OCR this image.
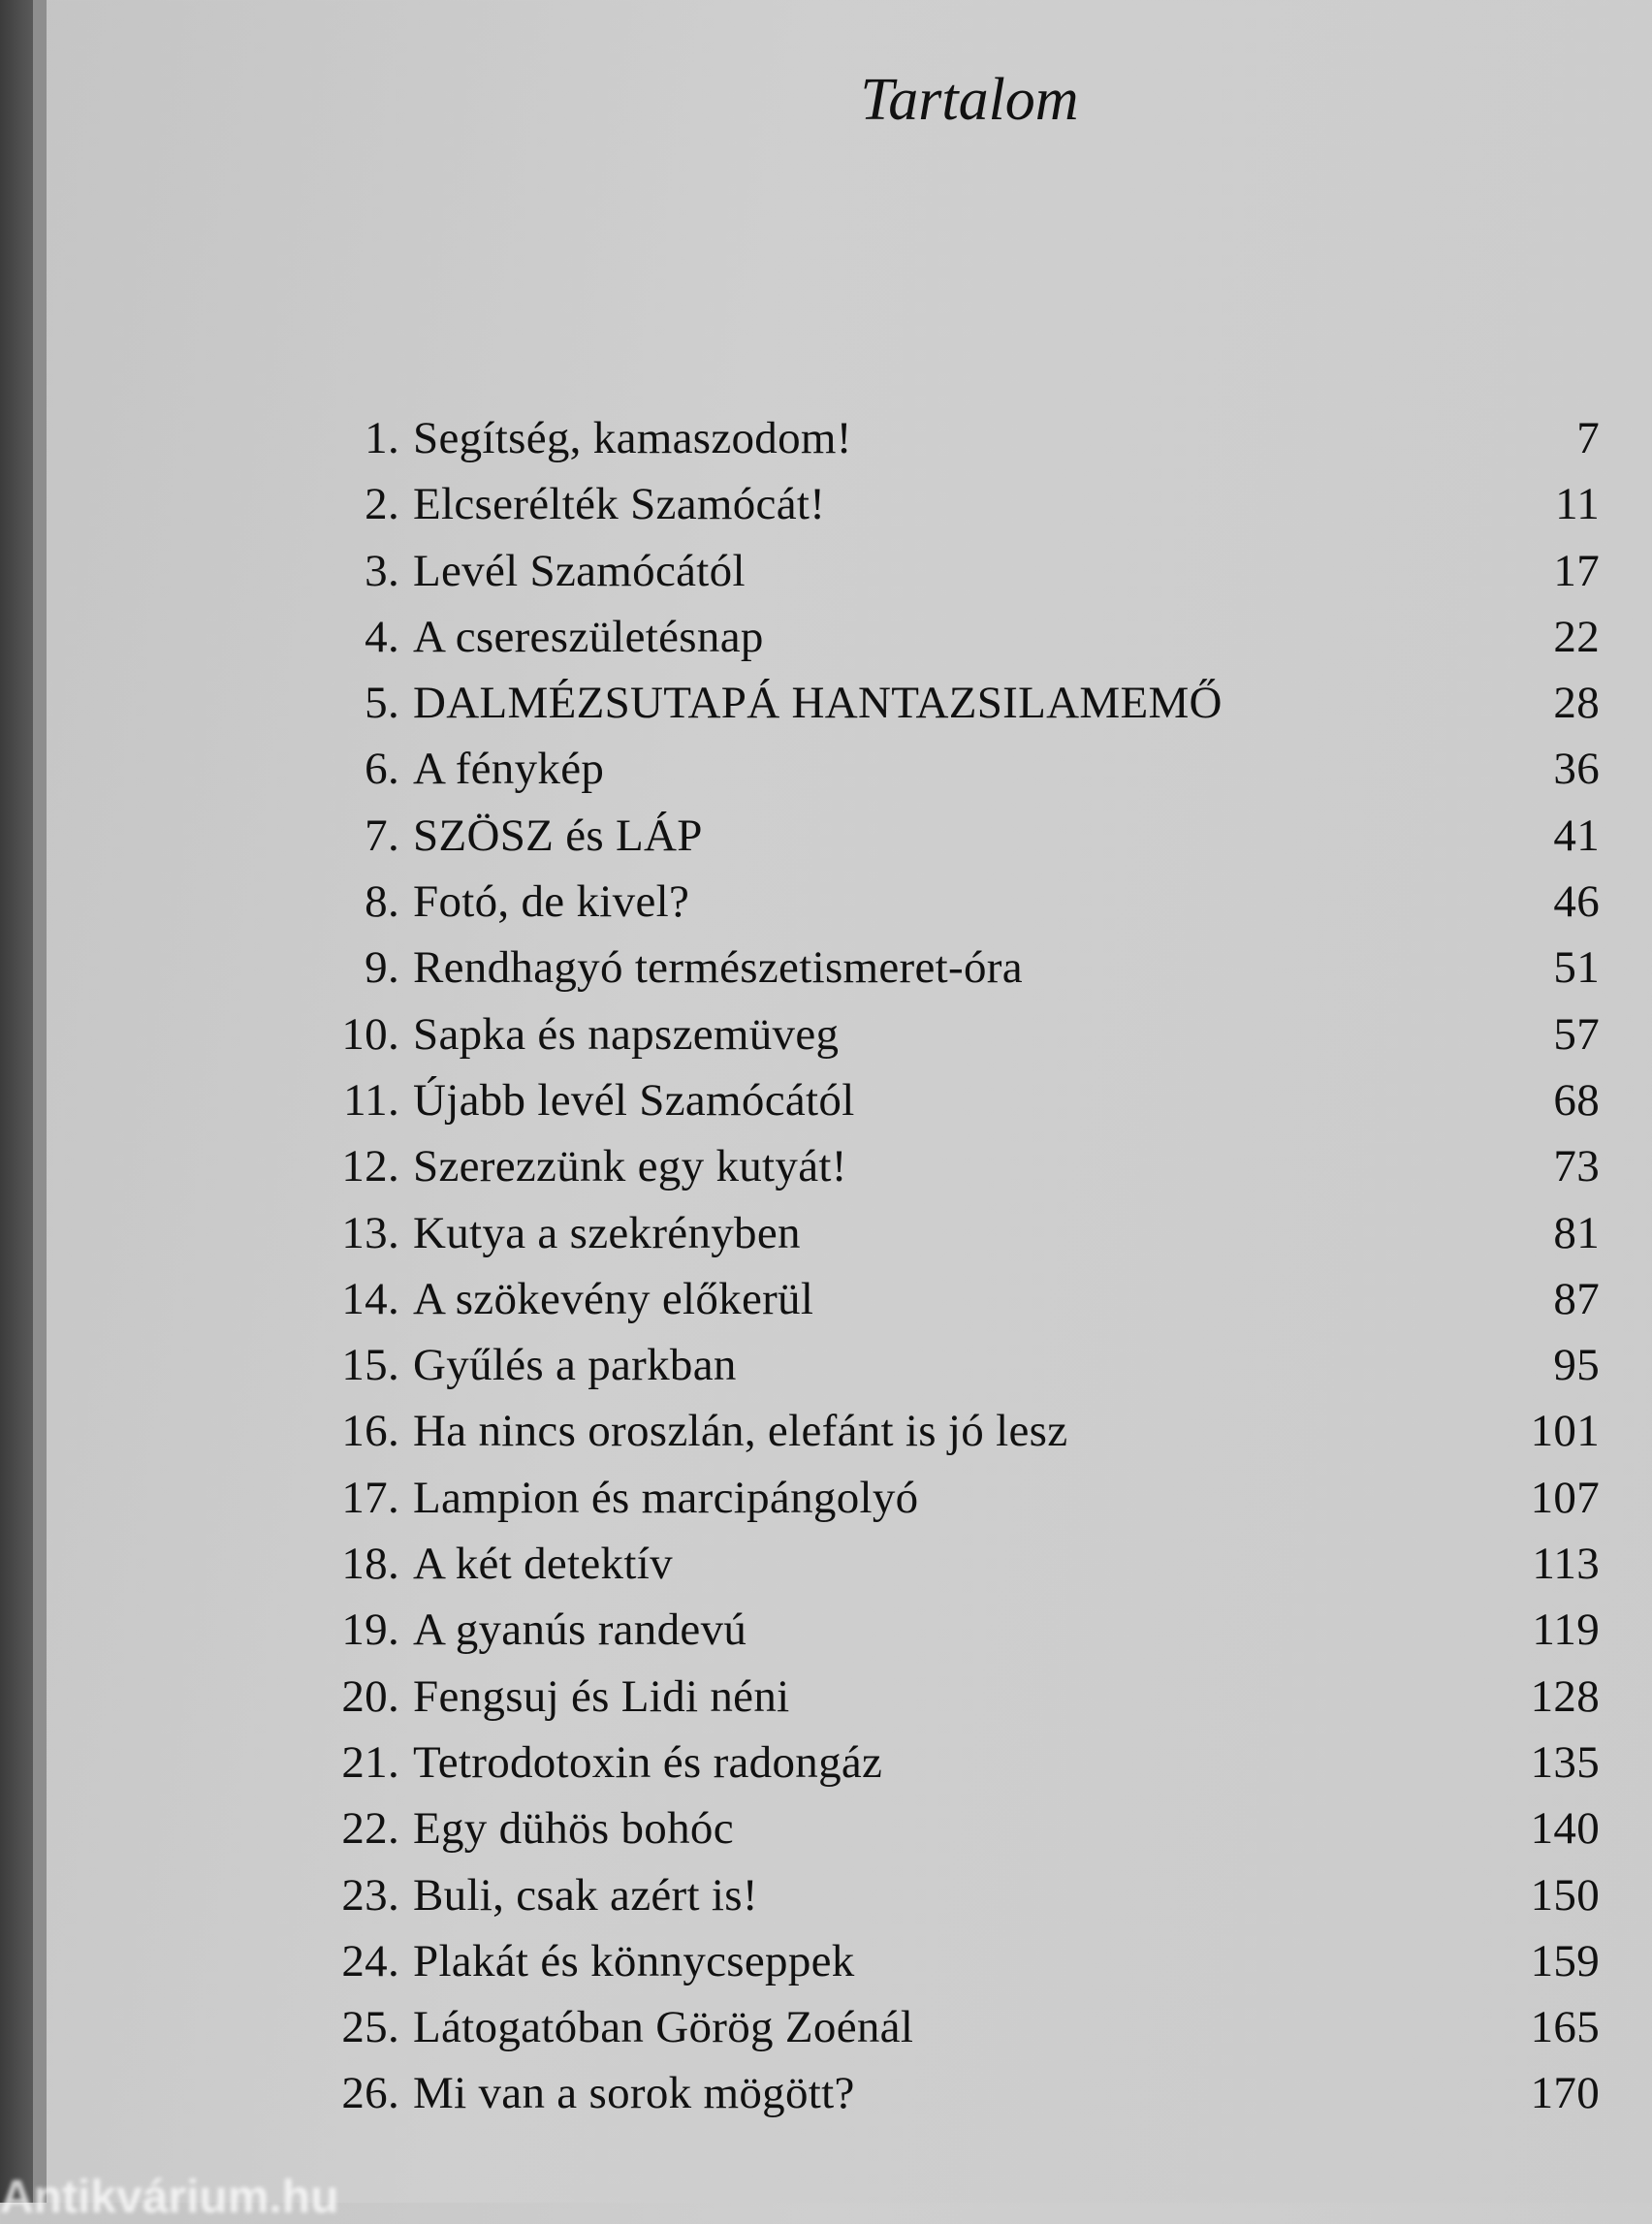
Tartalom
1. Segítség, kamaszodom!	7
2. Elcserélték Szamócát!	11
3. Levél Szamócától	17
4. A csereszületésnap	22
5. DALMÉZSUTAPÁ HANTAZSILAMEMŐ	28
6. A fénykép	36
7. SZÖSZ és LÁP	41
8. Fotó, de kivel?	46
9. Rendhagyó természetismeret-óra	51
10. Sapka és napszemüveg	57
11. Újabb levél Szamócától	68
12. Szerezzünk egy kutyát!	73
13. Kutya a szekrényben	81
14. A szökevény előkerül	87
15. Gyűlés a parkban	95
16. Ha nincs oroszlán, elefánt is jó lesz	101
17. Lampion és marcipángolyó	107
18. A két detektív	113
19. A gyanús randevú	119
20. Fengsuj és Lidi néni	128
21. Tetrodotoxin és radongáz	135
22. Egy dühös bohóc	140
23. Buli, csak azért is!	150
24. Plakát és könnycseppek	159
25. Látogatóban Görög Zoénál	165
26. Mi van a sorok mögött?	170
Antikvárium.hu
